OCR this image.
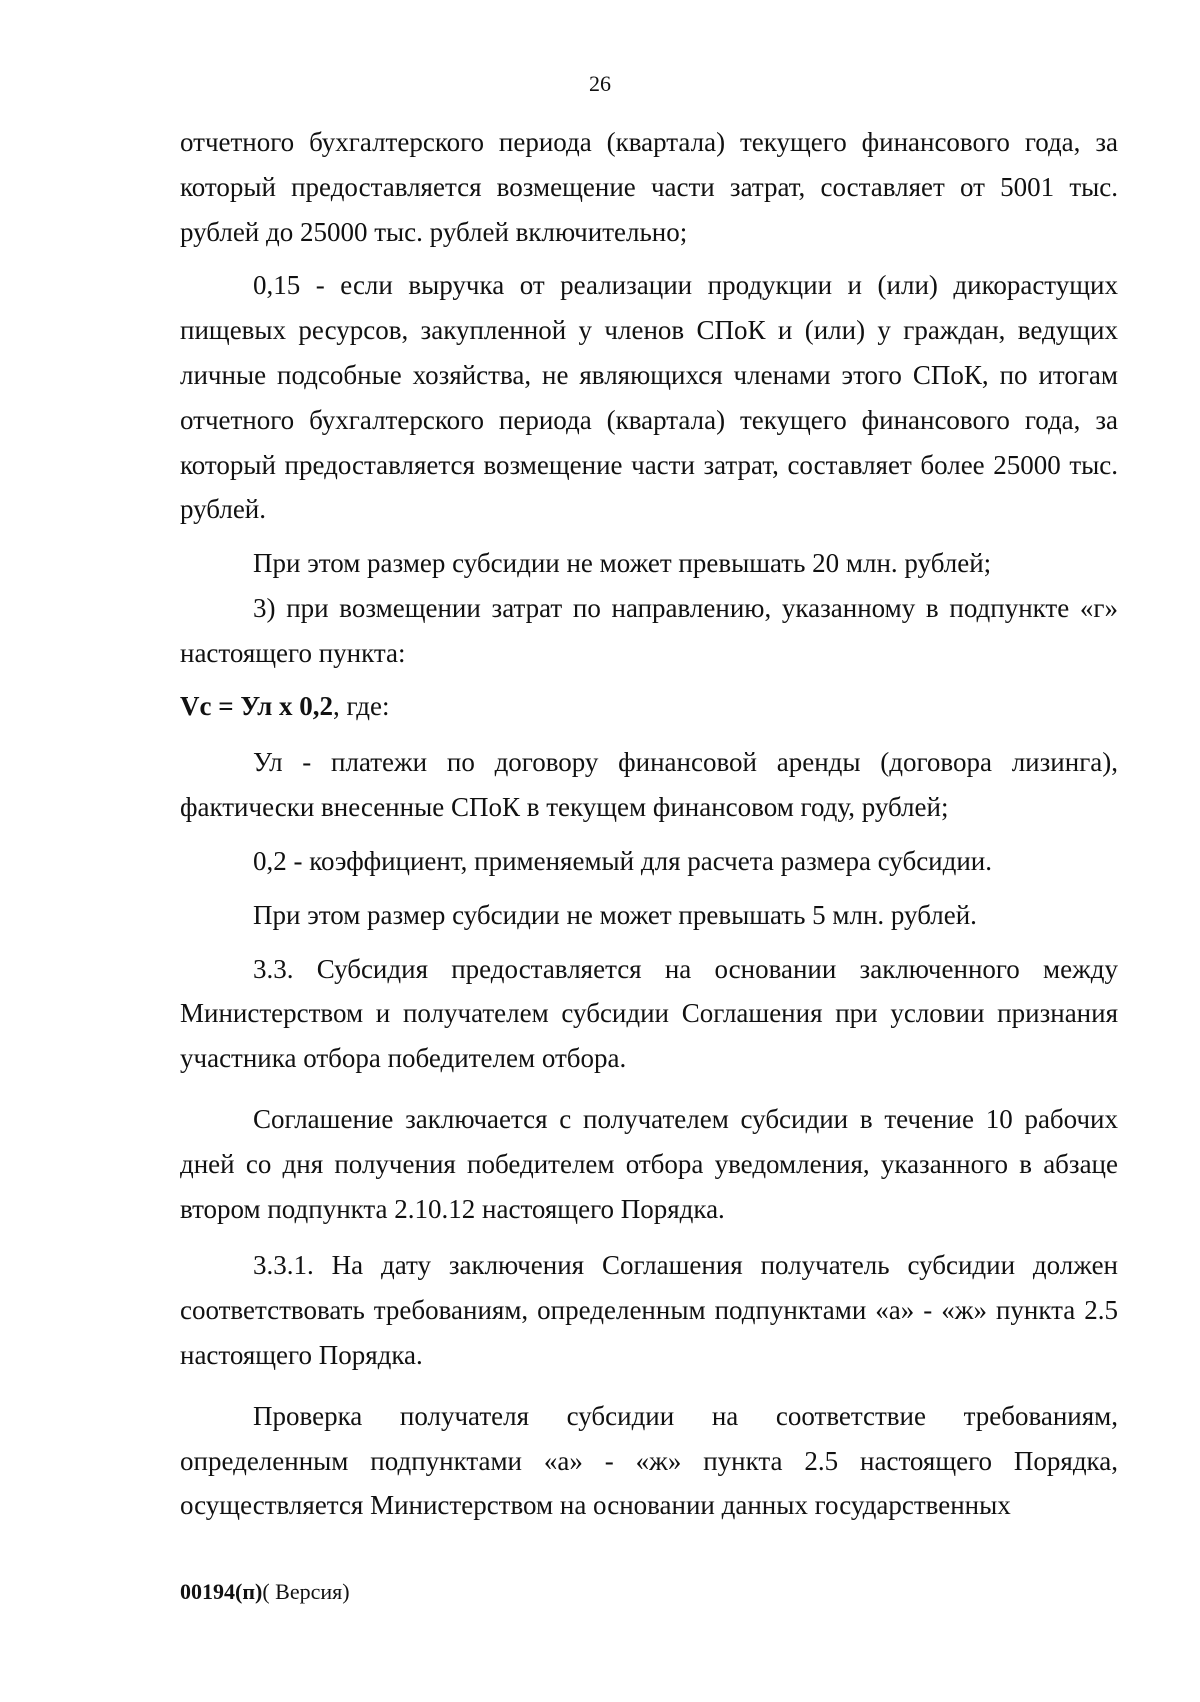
26

отчетного бухгалтерского периода (квартала) текущего финансового года, за который предоставляется возмещение части затрат, составляет от 5001 тыс. рублей до 25000 тыс. рублей включительно;

0,15 - если выручка от реализации продукции и (или) дикорастущих пищевых ресурсов, закупленной у членов СПоК и (или) у граждан, ведущих личные подсобные хозяйства, не являющихся членами этого СПоК, по итогам отчетного бухгалтерского периода (квартала) текущего финансового года, за который предоставляется возмещение части затрат, составляет более 25000 тыс. рублей.

При этом размер субсидии не может превышать 20 млн. рублей;

3) при возмещении затрат по направлению, указанному в подпункте «г» настоящего пункта:

Vc = Ул x 0,2, где:

Ул - платежи по договору финансовой аренды (договора лизинга), фактически внесенные СПоК в текущем финансовом году, рублей;

0,2 - коэффициент, применяемый для расчета размера субсидии.

При этом размер субсидии не может превышать 5 млн. рублей.

3.3. Субсидия предоставляется на основании заключенного между Министерством и получателем субсидии Соглашения при условии признания участника отбора победителем отбора.

Соглашение заключается с получателем субсидии в течение 10 рабочих дней со дня получения победителем отбора уведомления, указанного в абзаце втором подпункта 2.10.12 настоящего Порядка.

3.3.1. На дату заключения Соглашения получатель субсидии должен соответствовать требованиям, определенным подпунктами «а» - «ж» пункта 2.5 настоящего Порядка.

Проверка получателя субсидии на соответствие требованиям, определенным подпунктами «а» - «ж» пункта 2.5 настоящего Порядка, осуществляется Министерством на основании данных государственных

00194(п)( Версия)
